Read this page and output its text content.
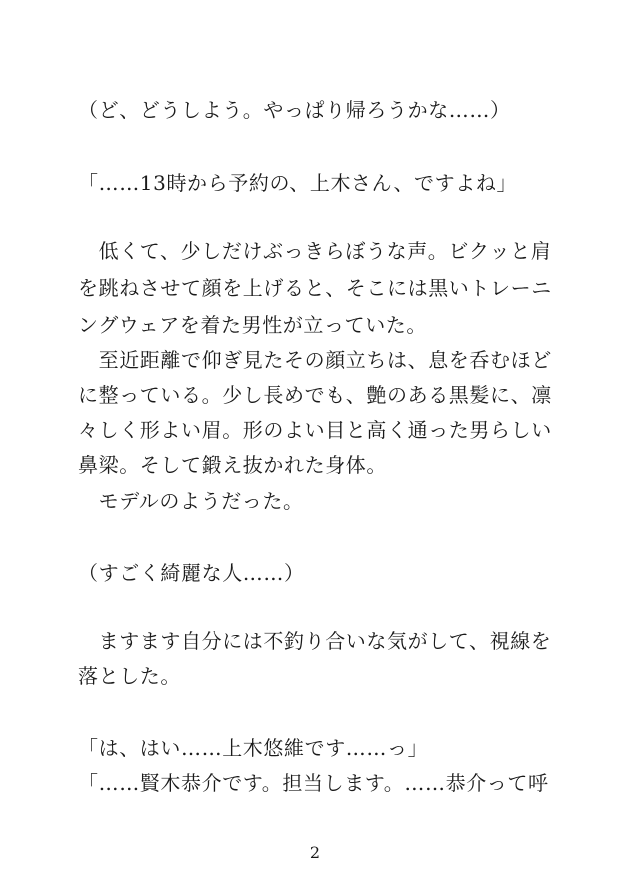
（ど、どうしよう。やっぱり帰ろうかな……）
「……13時から予約の、上木さん、ですよね」
　低くて、少しだけぶっきらぼうな声。ビクッと肩
を跳ねさせて顔を上げると、そこには黒いトレーニ
ングウェアを着た男性が立っていた。
　至近距離で仰ぎ見たその顔立ちは、息を呑むほど
に整っている。少し長めでも、艶のある黒髪に、凛
々しく形よい眉。形のよい目と高く通った男らしい
鼻梁。そして鍛え抜かれた身体。
　モデルのようだった。
（すごく綺麗な人……）
　ますます自分には不釣り合いな気がして、視線を
落とした。
「は、はい……上木悠維です……っ」
「……賢木恭介です。担当します。……恭介って呼
2
